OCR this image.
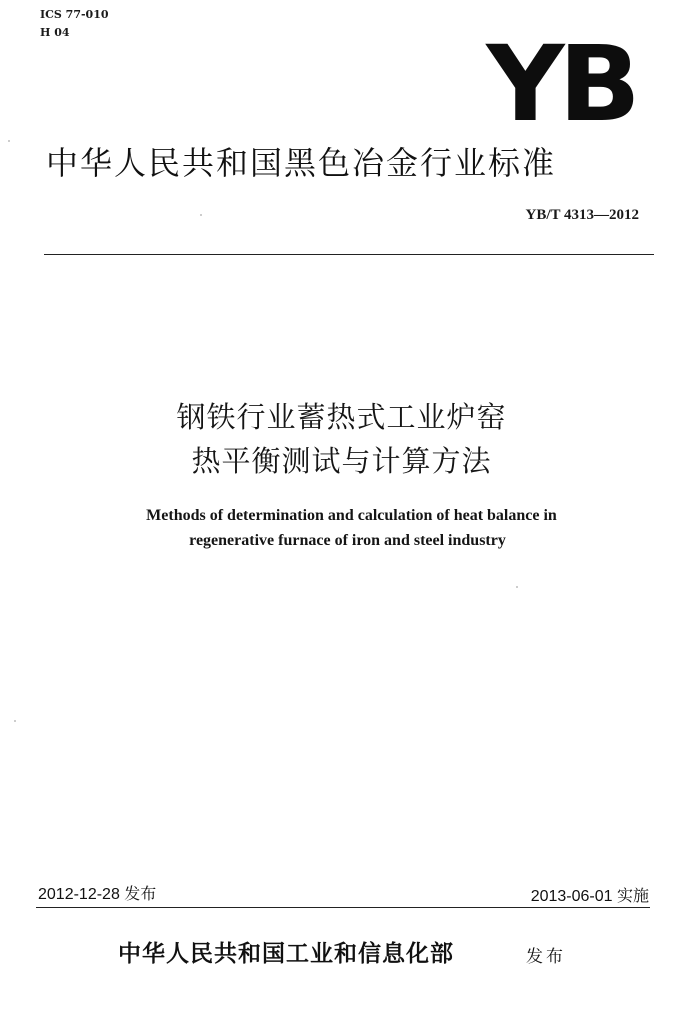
ICS 77-010
H 04	YB
中华人民共和国黑色冶金行业标准
YB/T 4313—2012
钢铁行业蓄热式工业炉窑
热平衡测试与计算方法
Methods of determination and calculation of heat balance in
regenerative furnace of iron and steel industry
2012-12-28 发布	2013-06-01 实施
中华人民共和国工业和信息化部	发布
